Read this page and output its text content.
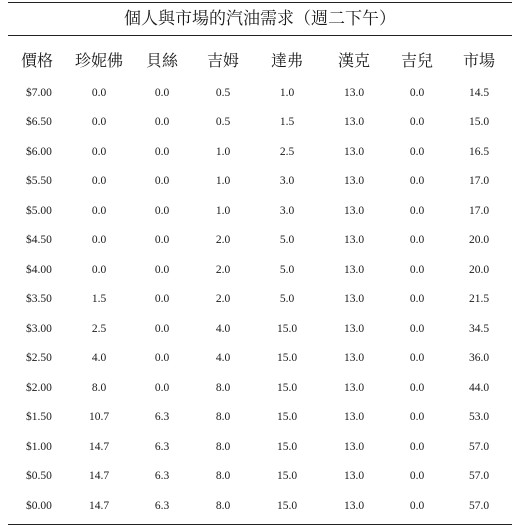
個人與市場的汽油需求（週二下午）
價格	珍妮佛	貝絲	吉姆	達弗	漢克	吉兒	市場
$7.00	0.0	0.0	0.5	1.0	13.0	0.0	14.5
$6.50	0.0	0.0	0.5	1.5	13.0	0.0	15.0
$6.00	0.0	0.0	1.0	2.5	13.0	0.0	16.5
$5.50	0.0	0.0	1.0	3.0	13.0	0.0	17.0
$5.00	0.0	0.0	1.0	3.0	13.0	0.0	17.0
$4.50	0.0	0.0	2.0	5.0	13.0	0.0	20.0
$4.00	0.0	0.0	2.0	5.0	13.0	0.0	20.0
$3.50	1.5	0.0	2.0	5.0	13.0	0.0	21.5
$3.00	2.5	0.0	4.0	15.0	13.0	0.0	34.5
$2.50	4.0	0.0	4.0	15.0	13.0	0.0	36.0
$2.00	8.0	0.0	8.0	15.0	13.0	0.0	44.0
$1.50	10.7	6.3	8.0	15.0	13.0	0.0	53.0
$1.00	14.7	6.3	8.0	15.0	13.0	0.0	57.0
$0.50	14.7	6.3	8.0	15.0	13.0	0.0	57.0
$0.00	14.7	6.3	8.0	15.0	13.0	0.0	57.0
